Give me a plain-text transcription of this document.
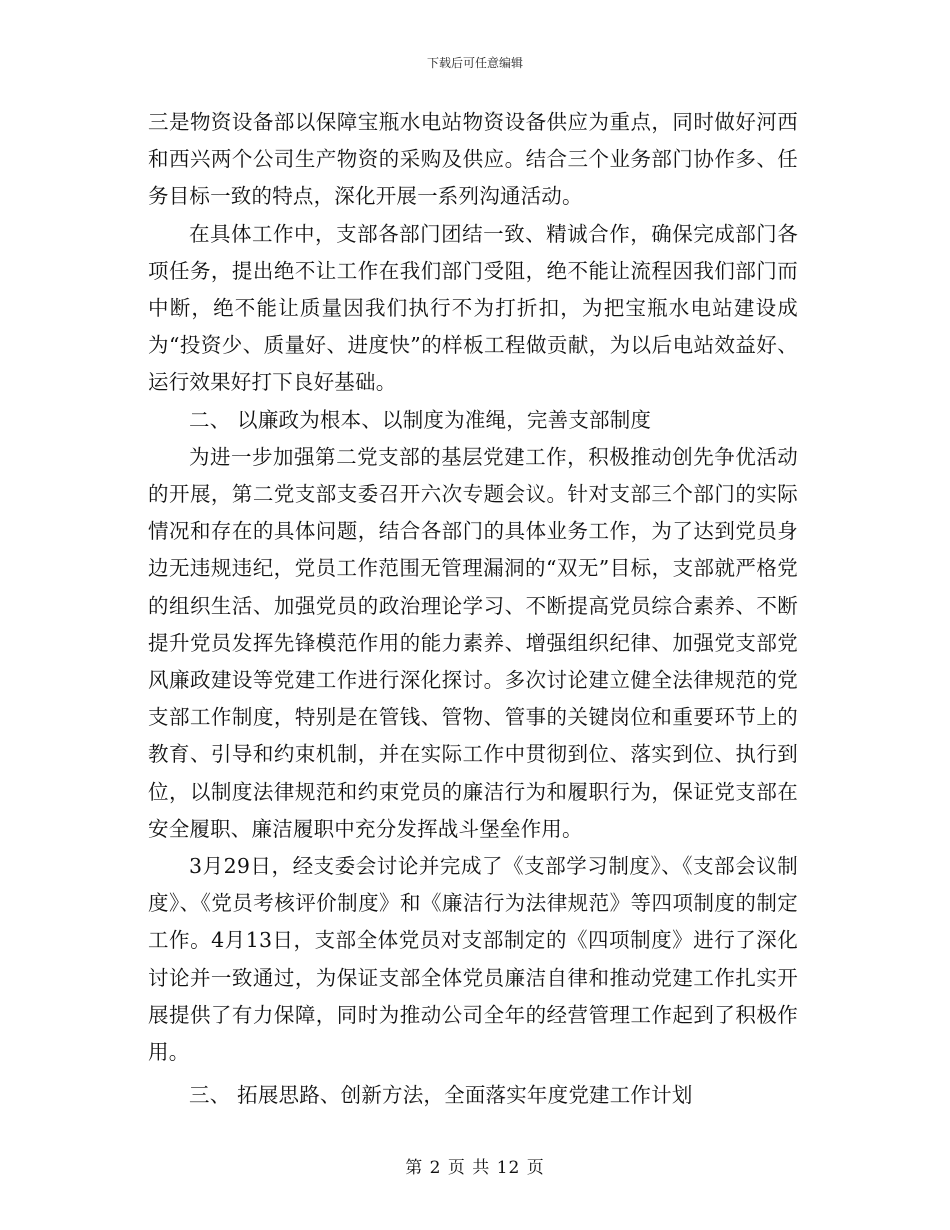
下载后可任意编辑

三是物资设备部以保障宝瓶水电站物资设备供应为重点，同时做好河西和西兴两个公司生产物资的采购及供应。结合三个业务部门协作多、任务目标一致的特点，深化开展一系列沟通活动。

在具体工作中，支部各部门团结一致、精诚合作，确保完成部门各项任务，提出绝不让工作在我们部门受阻，绝不能让流程因我们部门而中断，绝不能让质量因我们执行不为打折扣，为把宝瓶水电站建设成为“投资少、质量好、进度快”的样板工程做贡献，为以后电站效益好、运行效果好打下良好基础。

二、 以廉政为根本、以制度为准绳，完善支部制度

为进一步加强第二党支部的基层党建工作，积极推动创先争优活动的开展，第二党支部支委召开六次专题会议。针对支部三个部门的实际情况和存在的具体问题，结合各部门的具体业务工作，为了达到党员身边无违规违纪，党员工作范围无管理漏洞的“双无”目标，支部就严格党的组织生活、加强党员的政治理论学习、不断提高党员综合素养、不断提升党员发挥先锋模范作用的能力素养、增强组织纪律、加强党支部党风廉政建设等党建工作进行深化探讨。多次讨论建立健全法律规范的党支部工作制度，特别是在管钱、管物、管事的关键岗位和重要环节上的教育、引导和约束机制，并在实际工作中贯彻到位、落实到位、执行到位，以制度法律规范和约束党员的廉洁行为和履职行为，保证党支部在安全履职、廉洁履职中充分发挥战斗堡垒作用。

3月29日，经支委会讨论并完成了《支部学习制度》、《支部会议制度》、《党员考核评价制度》和《廉洁行为法律规范》等四项制度的制定工作。4月13日，支部全体党员对支部制定的《四项制度》进行了深化讨论并一致通过，为保证支部全体党员廉洁自律和推动党建工作扎实开展提供了有力保障，同时为推动公司全年的经营管理工作起到了积极作用。

三、 拓展思路、创新方法，全面落实年度党建工作计划

第 2 页 共 12 页
